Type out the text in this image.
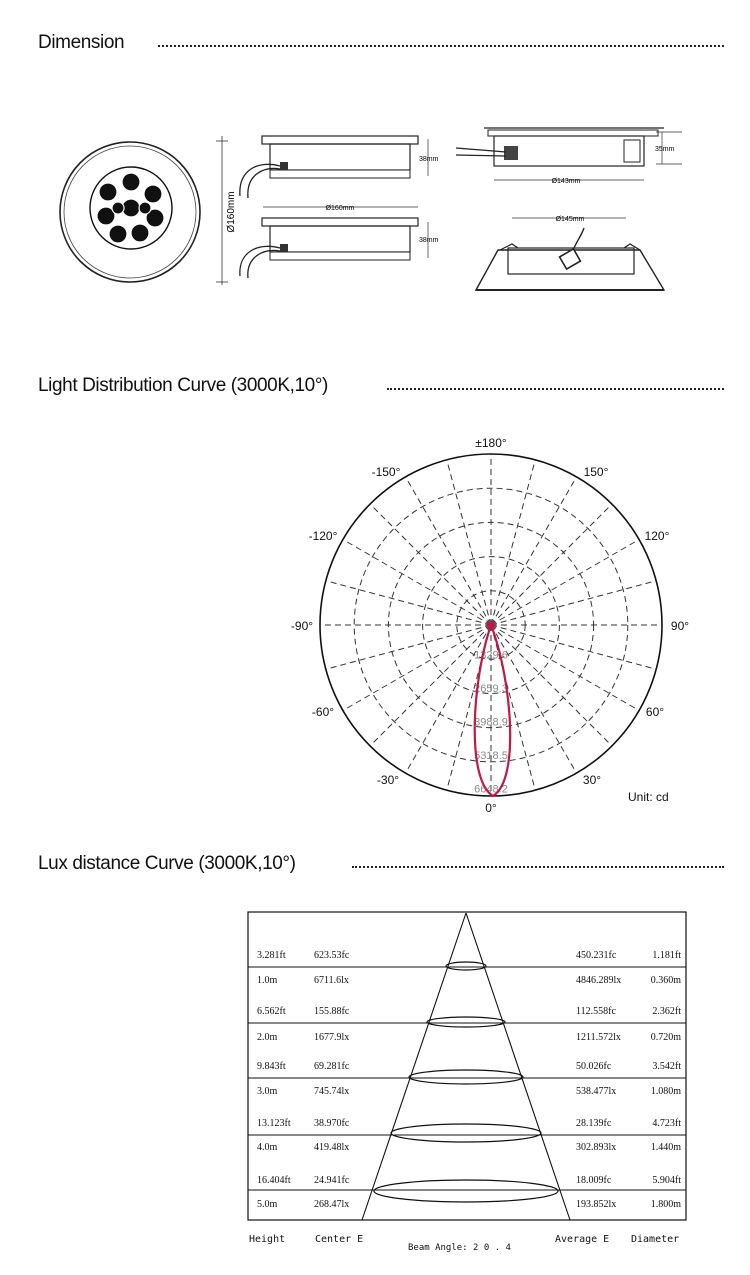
Dimension
Light Distribution Curve (3000K,10°)
Lux distance Curve (3000K,10°)
Ø160mm
38mm
Ø160mm
38mm
35mm
Ø143mm
Ø145mm
1329.6
2659.3
3988.9
5318.5
6648.2
±180°
-150°	150°
-120°	120°
-90°	90°
-60°	60°
-30°	30°
0°
Unit: cd
3.281ft	623.53fc	450.231fc	1.181ft
1.0m	6711.6lx	4846.289lx	0.360m
6.562ft	155.88fc	112.558fc	2.362ft
2.0m	1677.9lx	1211.572lx	0.720m
9.843ft	69.281fc	50.026fc	3.542ft
3.0m	745.74lx	538.477lx	1.080m
13.123ft 38.970fc	28.139fc	4.723ft
4.0m	419.48lx	302.893lx	1.440m
16.404ft 24.941fc	18.009fc	5.904ft
5.0m	268.47lx	193.852lx	1.800m
Height	Center E
Beam Angle: 2 0 . 4
Average E Diameter
